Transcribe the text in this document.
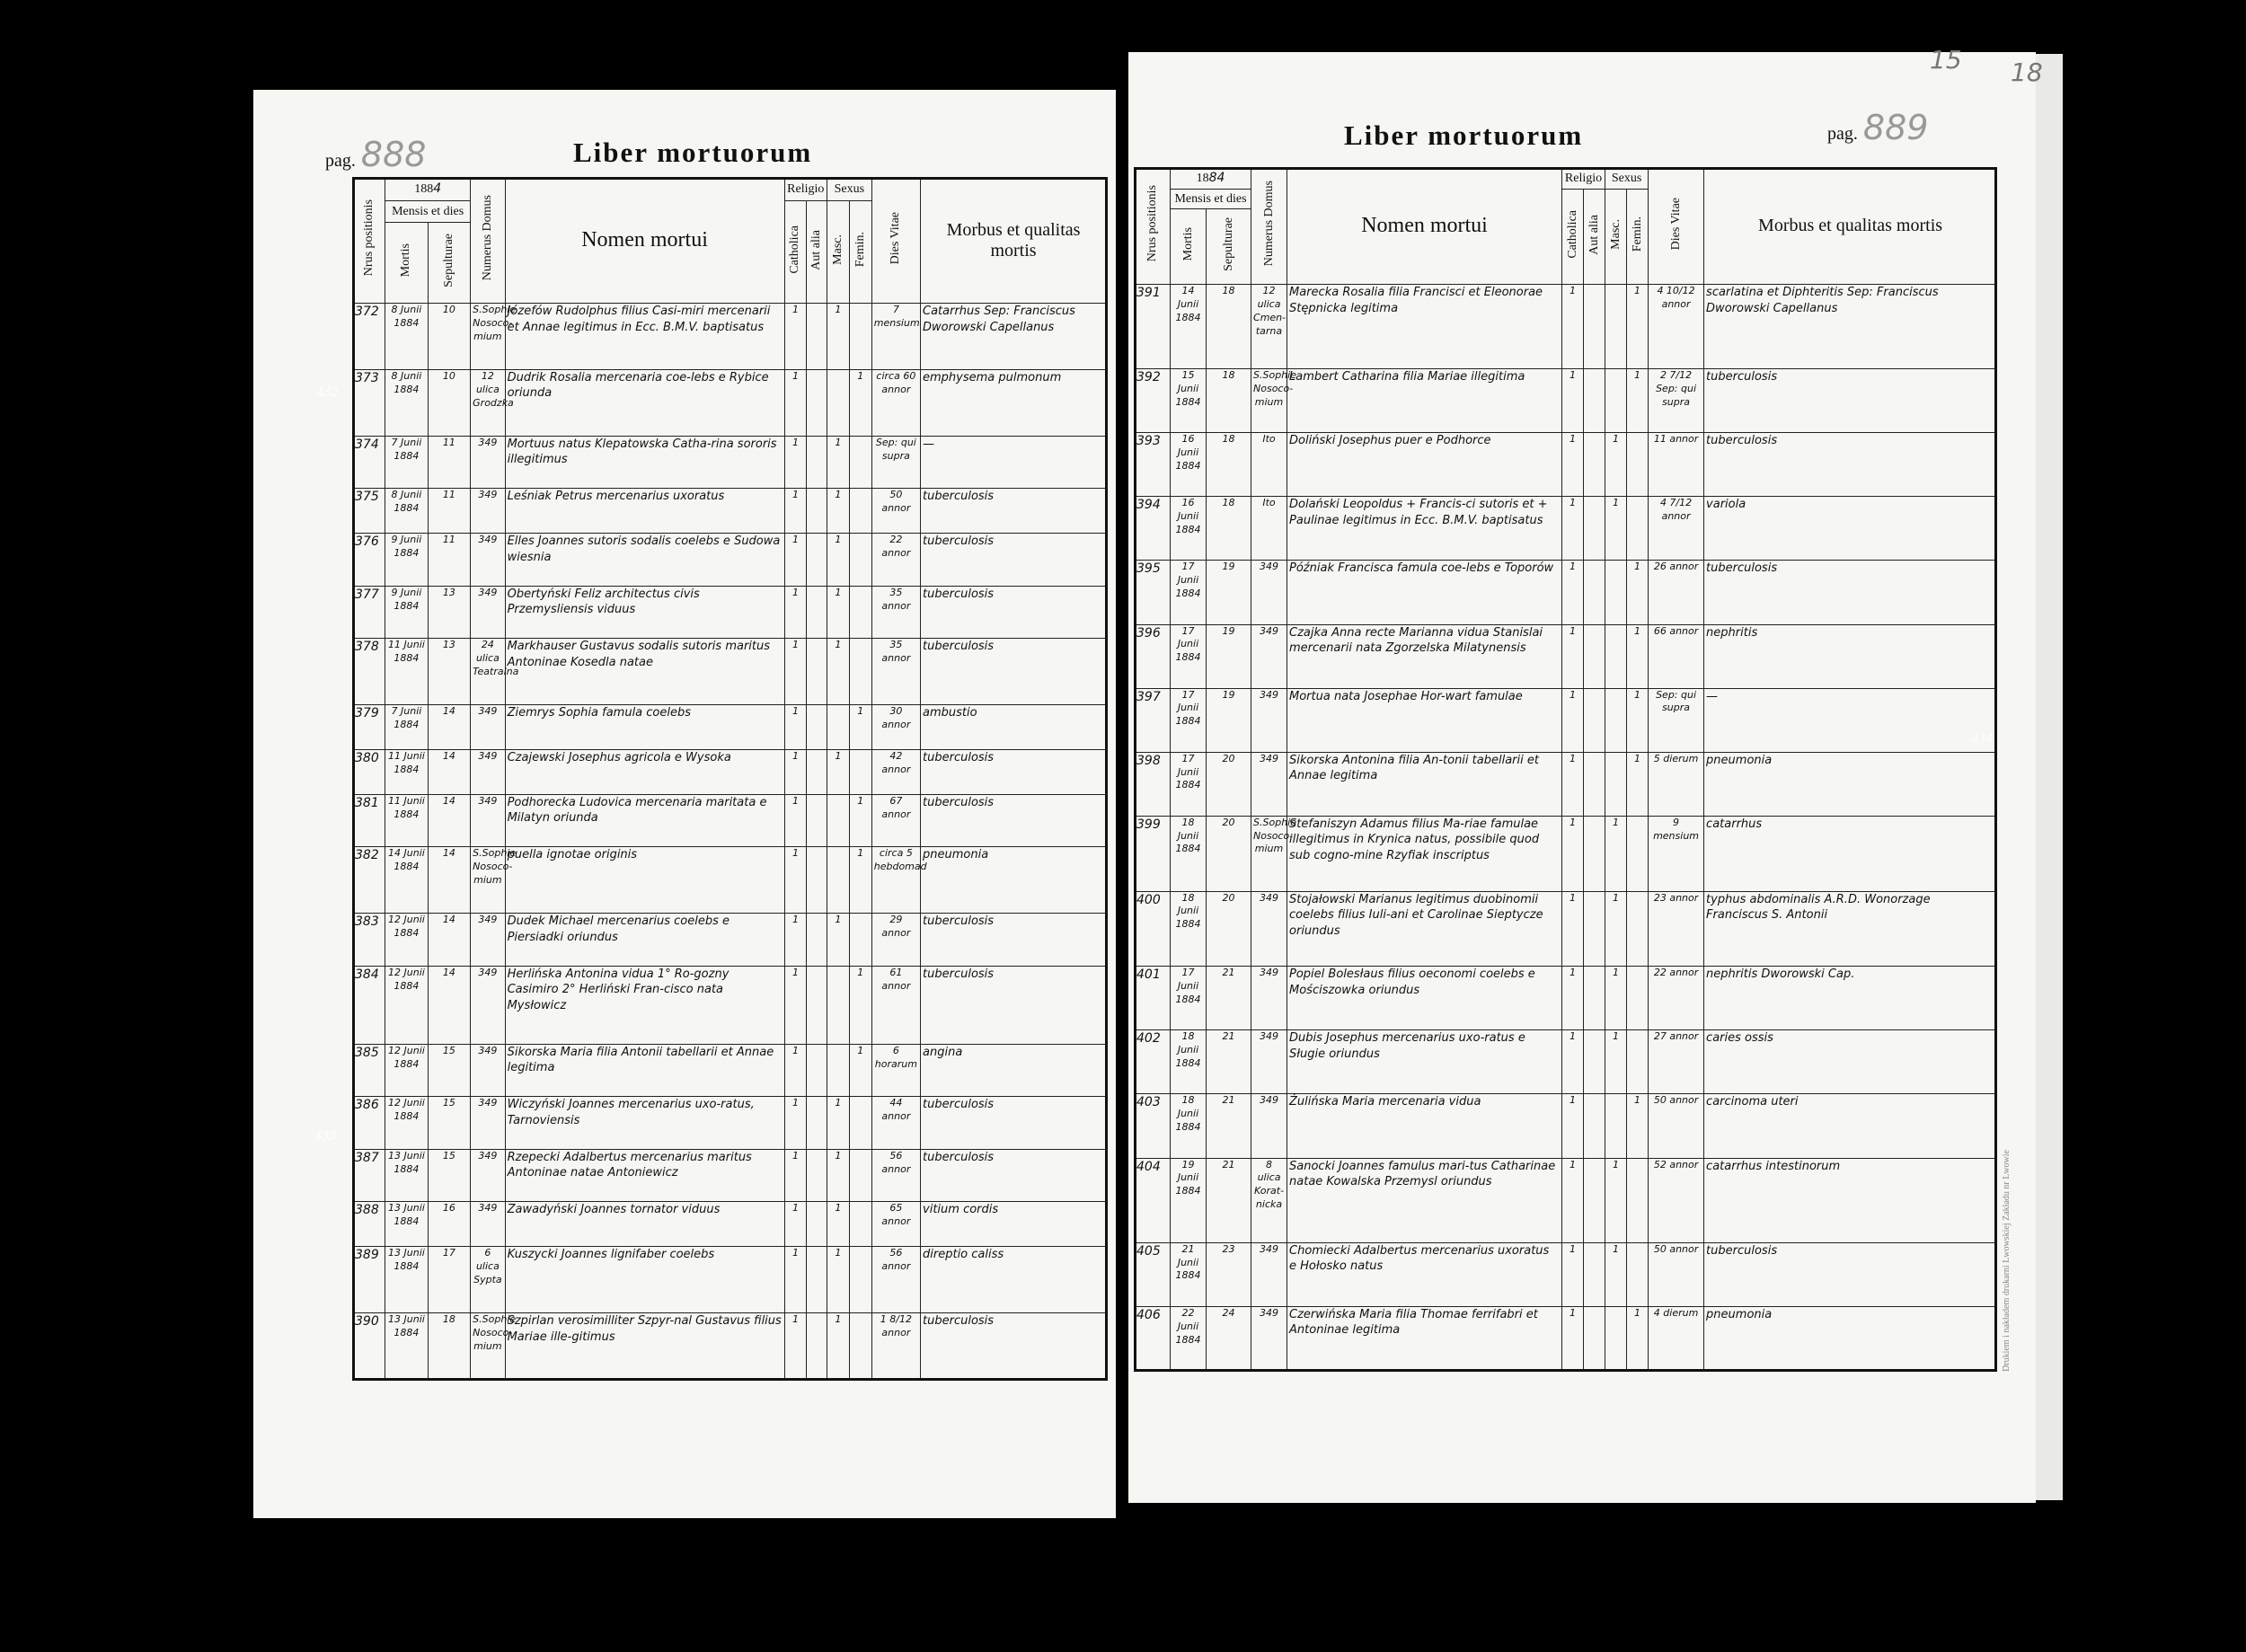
pag. 888	Liber mortuorum
432
433
Nrus positionis	1884		Numerus Domus	Nomen mortui	Religio		Sexus		Dies Vitae	Morbus et qualitas mortis
	Mensis et dies				Catholica	Aut alia	Masc.	Femin.		
	Mortis	Sepulturae								
372	8 Junii 1884	10	S.Sophie Nosoco-mium	Józefów Rudolphus filius Casi-miri mercenarii et Annae legitimus in Ecc. B.M.V. baptisatus	1		1		7 mensium	Catarrhus Sep: Franciscus Dworowski Capellanus
373	8 Junii 1884	10	12 ulica Grodzka	Dudrik Rosalia mercenaria coe-lebs e Rybice oriunda	1			1	circa 60 annor	emphysema pulmonum
374	7 Junii 1884	11	349	Mortuus natus Klepatowska Catha-rina sororis illegitimus	1		1		Sep: qui supra	—
375	8 Junii 1884	11	349	Leśniak Petrus mercenarius uxoratus	1		1		50 annor	tuberculosis
376	9 Junii 1884	11	349	Elles Joannes sutoris sodalis coelebs e Sudowa wiesnia	1		1		22 annor	tuberculosis
377	9 Junii 1884	13	349	Obertyński Feliz architectus civis Przemysliensis viduus	1		1		35 annor	tuberculosis
378	11 Junii 1884	13	24 ulica Teatralna	Markhauser Gustavus sodalis sutoris maritus Antoninae Kosedla natae	1		1		35 annor	tuberculosis
379	7 Junii 1884	14	349	Ziemrys Sophia famula coelebs	1			1	30 annor	ambustio
380	11 Junii 1884	14	349	Czajewski Josephus agricola e Wysoka	1		1		42 annor	tuberculosis
381	11 Junii 1884	14	349	Podhorecka Ludovica mercenaria maritata e Milatyn oriunda	1			1	67 annor	tuberculosis
382	14 Junii 1884	14	S.Sophie Nosoco-mium	puella ignotae originis	1			1	circa 5 hebdomad	pneumonia
383	12 Junii 1884	14	349	Dudek Michael mercenarius coelebs e Piersiadki oriundus	1		1		29 annor	tuberculosis
384	12 Junii 1884	14	349	Herlińska Antonina vidua 1° Ro-gozny Casimiro 2° Herliński Fran-cisco nata Mysłowicz	1			1	61 annor	tuberculosis
385	12 Junii 1884	15	349	Sikorska Maria filia Antonii tabellarii et Annae legitima	1			1	6 horarum	angina
386	12 Junii 1884	15	349	Wiczyński Joannes mercenarius uxo-ratus, Tarnoviensis	1		1		44 annor	tuberculosis
387	13 Junii 1884	15	349	Rzepecki Adalbertus mercenarius maritus Antoninae natae Antoniewicz	1		1		56 annor	tuberculosis
388	13 Junii 1884	16	349	Zawadyński Joannes tornator viduus	1		1		65 annor	vitium cordis
389	13 Junii 1884	17	6 ulica Sypta	Kuszycki Joannes lignifaber coelebs	1		1		56 annor	direptio caliss
390	13 Junii 1884	18	S.Sophie Nosoco-mium	Szpirlan verosimilliter Szpyr-nal Gustavus filius Mariae ille-gitimus	1		1		1 8/12 annor	tuberculosis
15 18
pag. 889
Liber mortuorum
434
Nrus positionis	1884		Numerus Domus	Nomen mortui	Religio		Sexus		Dies Vitae	Morbus et qualitas mortis
	Mensis et dies				Catholica	Aut alia	Masc.	Femin.		
	Mortis	Sepulturae								
391	14 Junii 1884	18	12 ulica Cmen-tarna	Marecka Rosalia filia Francisci et Eleonorae Stępnicka legitima	1			1	4 10/12 annor	scarlatina et Diphteritis Sep: Franciscus Dworowski Capellanus
392	15 Junii 1884	18	S.Sophie Nosoco-mium	Lambert Catharina filia Mariae illegitima	1			1	2 7/12 Sep: qui supra	tuberculosis
393	16 Junii 1884	18	Ito	Doliński Josephus puer e Podhorce	1		1		11 annor	tuberculosis
394	16 Junii 1884	18	Ito	Dolański Leopoldus + Francis-ci sutoris et + Paulinae legitimus in Ecc. B.M.V. baptisatus	1		1		4 7/12 annor	variola
395	17 Junii 1884	19	349	Późniak Francisca famula coe-lebs e Toporów	1			1	26 annor	tuberculosis
396	17 Junii 1884	19	349	Czajka Anna recte Marianna vidua Stanislai mercenarii nata Zgorzelska Milatynensis	1			1	66 annor	nephritis
397	17 Junii 1884	19	349	Mortua nata Josephae Hor-wart famulae	1			1	Sep: qui supra	—
398	17 Junii 1884	20	349	Sikorska Antonina filia An-tonii tabellarii et Annae legitima	1			1	5 dierum	pneumonia
399	18 Junii 1884	20	S.Sophie Nosoco-mium	Stefaniszyn Adamus filius Ma-riae famulae illegitimus in Krynica natus, possibile quod sub cogno-mine Rzyfiak inscriptus	1		1		9 mensium	catarrhus
400	18 Junii 1884	20	349	Stojałowski Marianus legitimus duobinomii coelebs filius Iuli-ani et Carolinae Sieptycze oriundus	1		1		23 annor	typhus abdominalis A.R.D. Wonorzage Franciscus S. Antonii
401	17 Junii 1884	21	349	Popiel Bolesłaus filius oeconomi coelebs e Mościszowka oriundus	1		1		22 annor	nephritis Dworowski Cap.
402	18 Junii 1884	21	349	Dubis Josephus mercenarius uxo-ratus e Sługie oriundus	1		1		27 annor	caries ossis
403	18 Junii 1884	21	349	Żulińska Maria mercenaria vidua	1			1	50 annor	carcinoma uteri
404	19 Junii 1884	21	8 ulica Korat-nicka	Sanocki Joannes famulus mari-tus Catharinae natae Kowalska Przemysl oriundus	1		1		52 annor	catarrhus intestinorum
405	21 Junii 1884	23	349	Chomiecki Adalbertus mercenarius uxoratus e Hołosko natus	1		1		50 annor	tuberculosis
406	22 Junii 1884	24	349	Czerwińska Maria filia Thomae ferrifabri et Antoninae legitima	1			1	4 dierum	pneumonia	Drukiem i nakładem drukarni Lwowskiej Zakładu nr Lwowie
